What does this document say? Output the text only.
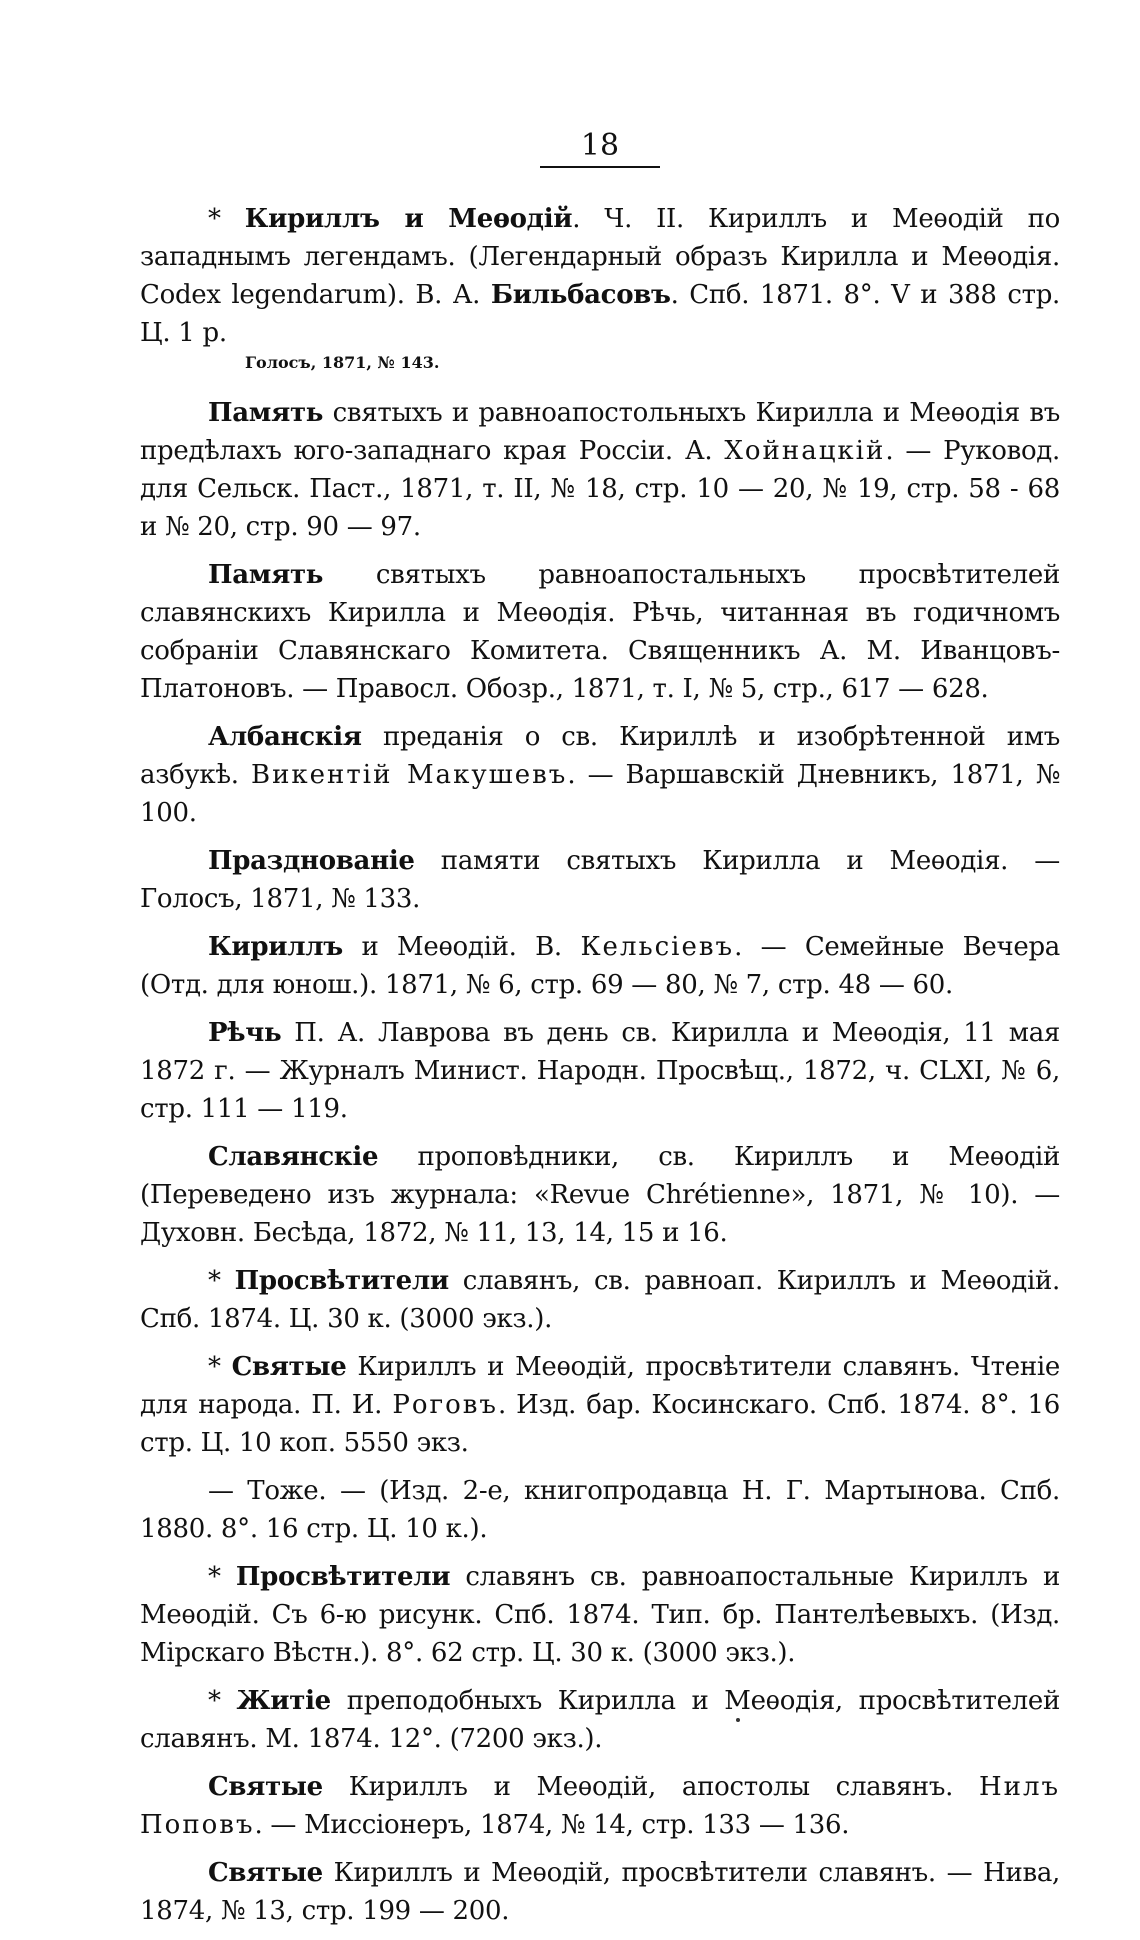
18

* Кириллъ и Меѳодій. Ч. II. Кириллъ и Меѳодій по западнымъ легендамъ. (Легендарный образъ Кирилла и Меѳодія. Codex legendarum). В. А. Бильбасовъ. Спб. 1871. 8°. V и 388 стр. Ц. 1 р.

Голосъ, 1871, № 143.

Память святыхъ и равноапостольныхъ Кирилла и Меѳодія въ предѣлахъ юго-западнаго края Россіи. А. Хойнацкій. — Руковод. для Сельск. Паст., 1871, т. II, № 18, стр. 10 — 20, № 19, стр. 58 - 68 и № 20, стр. 90 — 97.

Память святыхъ равноапостальныхъ просвѣтителей славянскихъ Кирилла и Меѳодія. Рѣчь, читанная въ годичномъ собраніи Славянскаго Комитета. Священникъ А. М. Иванцовъ-Платоновъ. — Правосл. Обозр., 1871, т. I, № 5, стр., 617 — 628.

Албанскія преданія о св. Кириллѣ и изобрѣтенной имъ азбукѣ. Викентій Макушевъ. — Варшавскій Дневникъ, 1871, № 100.

Празднованіе памяти святыхъ Кирилла и Меѳодія. — Голосъ, 1871, № 133.

Кириллъ и Меѳодій. В. Кельсіевъ. — Семейные Вечера (Отд. для юнош.). 1871, № 6, стр. 69 — 80, № 7, стр. 48 — 60.

Рѣчь П. А. Лаврова въ день св. Кирилла и Меѳодія, 11 мая 1872 г. — Журналъ Минист. Народн. Просвѣщ., 1872, ч. CLXI, № 6, стр. 111 — 119.

Славянскіе проповѣдники, св. Кириллъ и Меѳодій (Переведено изъ журнала: «Revue Chrétienne», 1871, № 10). — Духовн. Бесѣда, 1872, № 11, 13, 14, 15 и 16.

* Просвѣтители славянъ, св. равноап. Кириллъ и Меѳодій. Спб. 1874. Ц. 30 к. (3000 экз.).

* Святые Кириллъ и Меѳодій, просвѣтители славянъ. Чтеніе для народа. П. И. Роговъ. Изд. бар. Косинскаго. Спб. 1874. 8°. 16 стр. Ц. 10 коп. 5550 экз.

— Тоже. — (Изд. 2-е, книгопродавца Н. Г. Мартынова. Спб. 1880. 8°. 16 стр. Ц. 10 к.).

* Просвѣтители славянъ св. равноапостальные Кириллъ и Меѳодій. Съ 6-ю рисунк. Спб. 1874. Тип. бр. Пантелѣевыхъ. (Изд. Мірскаго Вѣстн.). 8°. 62 стр. Ц. 30 к. (3000 экз.).

* Житіе преподобныхъ Кирилла и Меѳодія, просвѣтителей славянъ. М. 1874. 12°. (7200 экз.).

Святые Кириллъ и Меѳодій, апостолы славянъ. Нилъ Поповъ. — Миссіонеръ, 1874, № 14, стр. 133 — 136.

Святые Кириллъ и Меѳодій, просвѣтители славянъ. — Нива, 1874, № 13, стр. 199 — 200.
